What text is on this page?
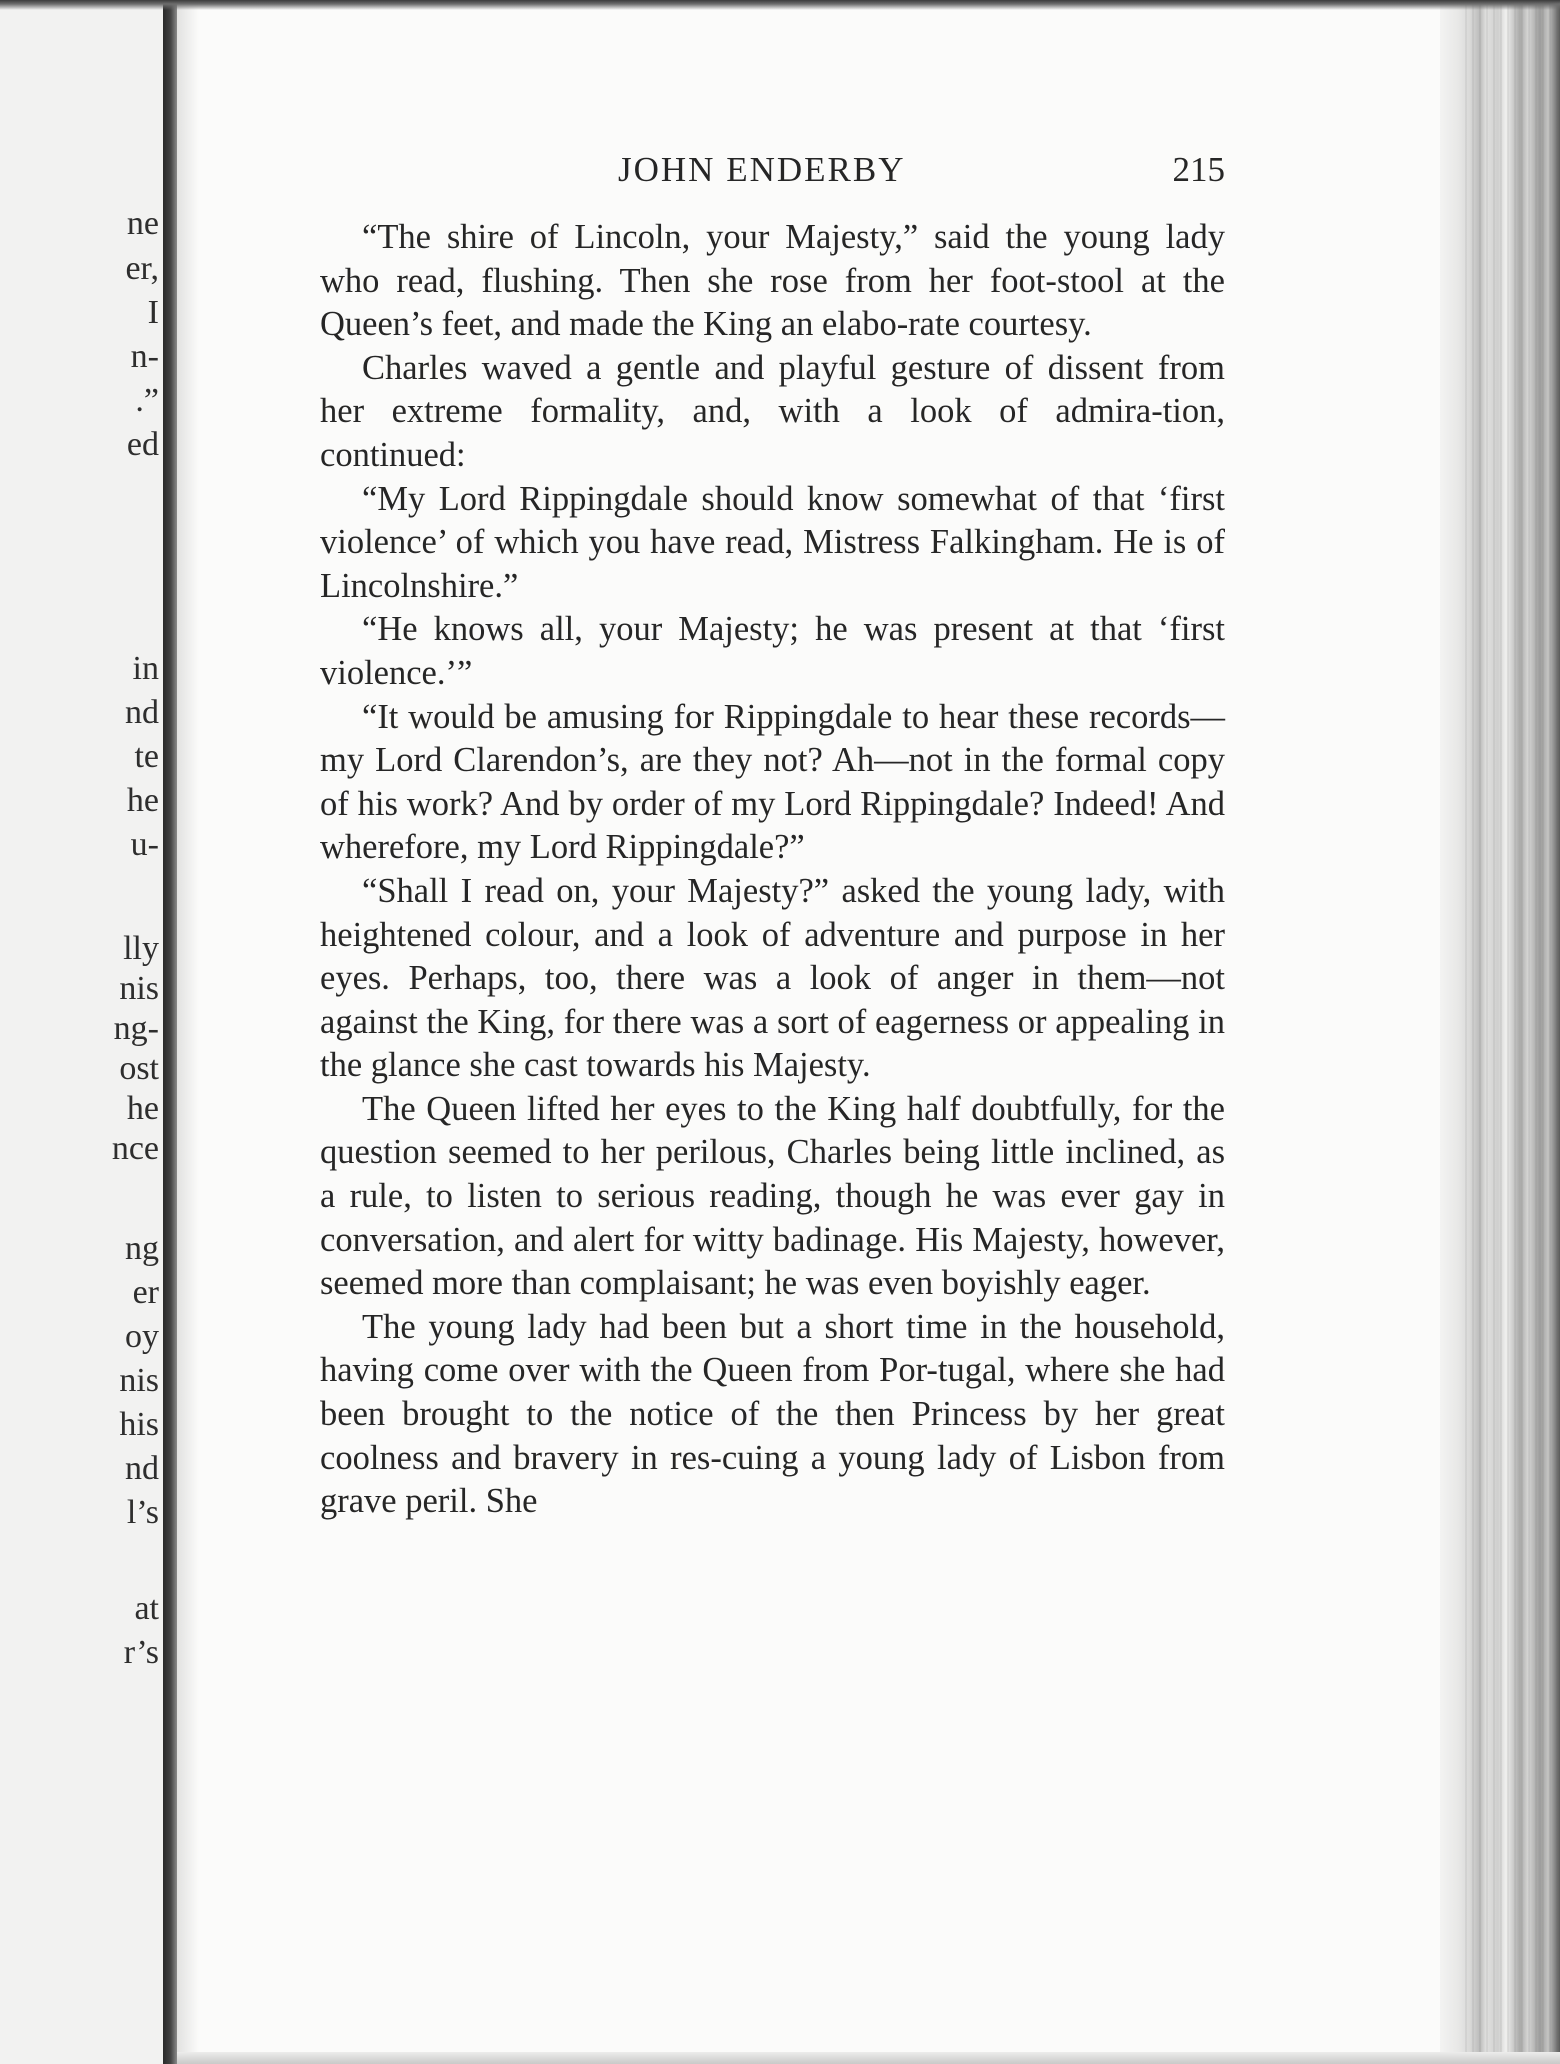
ne
er,
I
n-
.”
ed
in
nd
te
he
u-
lly
nis
ng-
ost
he
nce
ng
er
oy
nis
his
nd
l’s
at
r’s
JOHN ENDERBY	215

“The shire of Lincoln, your Majesty,” said the young lady who read, flushing. Then she rose from her foot-stool at the Queen’s feet, and made the King an elabo-rate courtesy.

Charles waved a gentle and playful gesture of dissent from her extreme formality, and, with a look of admira-tion, continued:

“My Lord Rippingdale should know somewhat of that ‘first violence’ of which you have read, Mistress Falkingham. He is of Lincolnshire.”

“He knows all, your Majesty; he was present at that ‘first violence.’”

“It would be amusing for Rippingdale to hear these records—my Lord Clarendon’s, are they not? Ah—not in the formal copy of his work? And by order of my Lord Rippingdale? Indeed! And wherefore, my Lord Rippingdale?”

“Shall I read on, your Majesty?” asked the young lady, with heightened colour, and a look of adventure and purpose in her eyes. Perhaps, too, there was a look of anger in them—not against the King, for there was a sort of eagerness or appealing in the glance she cast towards his Majesty.

The Queen lifted her eyes to the King half doubtfully, for the question seemed to her perilous, Charles being little inclined, as a rule, to listen to serious reading, though he was ever gay in conversation, and alert for witty badinage. His Majesty, however, seemed more than complaisant; he was even boyishly eager.

The young lady had been but a short time in the household, having come over with the Queen from Por-tugal, where she had been brought to the notice of the then Princess by her great coolness and bravery in res-cuing a young lady of Lisbon from grave peril. She
